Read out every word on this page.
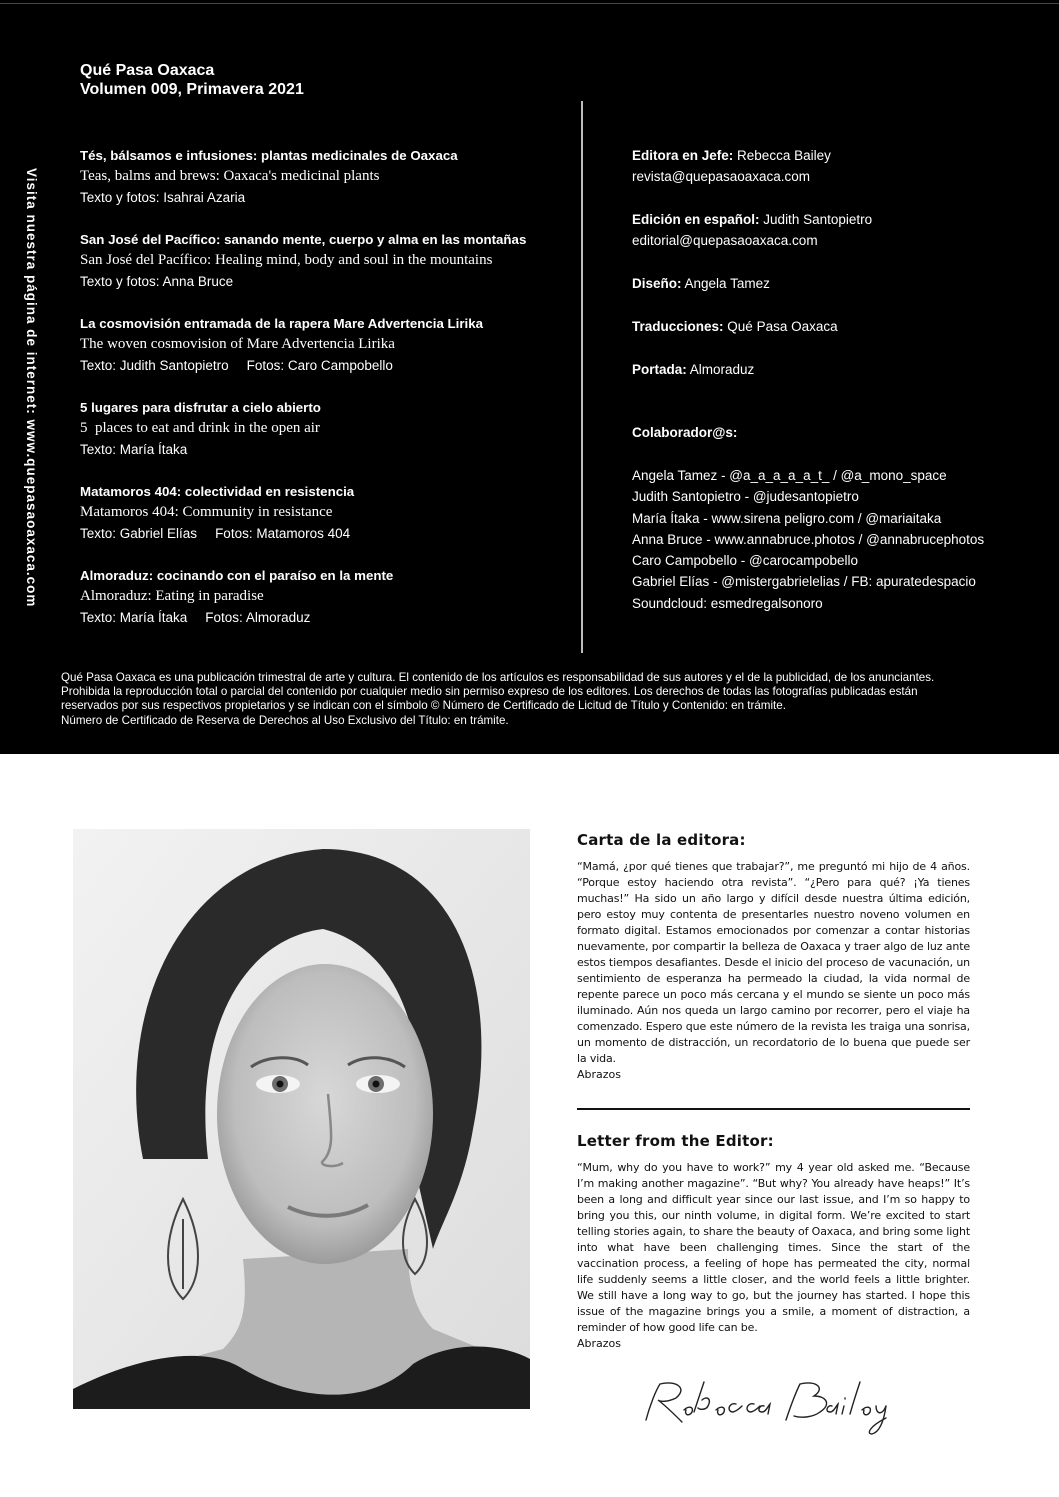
Qué Pasa Oaxaca
Volumen 009, Primavera 2021
Visita nuestra página de internet: www.quepasaoaxaca.com
Tés, bálsamos e infusiones: plantas medicinales de Oaxaca
Teas, balms and brews: Oaxaca's medicinal plants
Texto y fotos: Isahrai Azaria
San José del Pacífico: sanando mente, cuerpo y alma en las montañas
San José del Pacífico: Healing mind, body and soul in the mountains
Texto y fotos: Anna Bruce
La cosmovisión entramada de la rapera Mare Advertencia Lirika
The woven cosmovision of Mare Advertencia Lirika
Texto: Judith Santopietro Fotos: Caro Campobello
5 lugares para disfrutar a cielo abierto
5  places to eat and drink in the open air
Texto: María Ítaka
Matamoros 404: colectividad en resistencia
Matamoros 404: Community in resistance
Texto: Gabriel Elías Fotos: Matamoros 404
Almoraduz: cocinando con el paraíso en la mente
Almoraduz: Eating in paradise
Texto: María Ítaka Fotos: Almoraduz
Editora en Jefe: Rebecca Bailey
revista@quepasaoaxaca.com
Edición en español: Judith Santopietro
editorial@quepasaoaxaca.com
Diseño: Angela Tamez
Traducciones: Qué Pasa Oaxaca
Portada: Almoraduz
Colaborador@s:
Angela Tamez - @a_a_a_a_a_t_ / @a_mono_space
Judith Santopietro - @judesantopietro
María Ítaka - www.sirena peligro.com / @mariaitaka
Anna Bruce - www.annabruce.photos / @annabrucephotos
Caro Campobello - @carocampobello
Gabriel Elías - @mistergabrielelias / FB: apuratedespacio
Soundcloud: esmedregalsonoro
Qué Pasa Oaxaca es una publicación trimestral de arte y cultura. El contenido de los artículos es responsabilidad de sus autores y el de la publicidad, de los anunciantes.
Prohibida la reproducción total o parcial del contenido por cualquier medio sin permiso expreso de los editores. Los derechos de todas las fotografías publicadas están
reservados por sus respectivos propietarios y se indican con el símbolo © Número de Certificado de Licitud de Título y Contenido: en trámite.
Número de Certificado de Reserva de Derechos al Uso Exclusivo del Título: en trámite.
Carta de la editora:

“Mamá, ¿por qué tienes que trabajar?”, me preguntó mi hijo de 4 años. “Porque estoy haciendo otra revista”. “¿Pero para qué? ¡Ya tienes muchas!” Ha sido un año largo y difícil desde nuestra última edición, pero estoy muy contenta de presentarles nuestro noveno volumen en formato digital. Estamos emocionados por comenzar a contar historias nuevamente, por compartir la belleza de Oaxaca y traer algo de luz ante estos tiempos desafiantes. Desde el inicio del proceso de vacunación, un sentimiento de esperanza ha permeado la ciudad, la vida normal de repente parece un poco más cercana y el mundo se siente un poco más iluminado. Aún nos queda un largo camino por recorrer, pero el viaje ha comenzado. Espero que este número de la revista les traiga una sonrisa, un momento de distracción, un recordatorio de lo buena que puede ser la vida.

Abrazos
Letter from the Editor:

“Mum, why do you have to work?” my 4 year old asked me. “Because I’m making another magazine”. “But why? You already have heaps!” It’s been a long and difficult year since our last issue, and I’m so happy to bring you this, our ninth volume, in digital form. We’re excited to start telling stories again, to share the beauty of Oaxaca, and bring some light into what have been challenging times. Since the start of the vaccination process, a feeling of hope has permeated the city, normal life suddenly seems a little closer, and the world feels a little brighter. We still have a long way to go, but the journey has started. I hope this issue of the magazine brings you a smile, a moment of distraction, a reminder of how good life can be.

Abrazos
